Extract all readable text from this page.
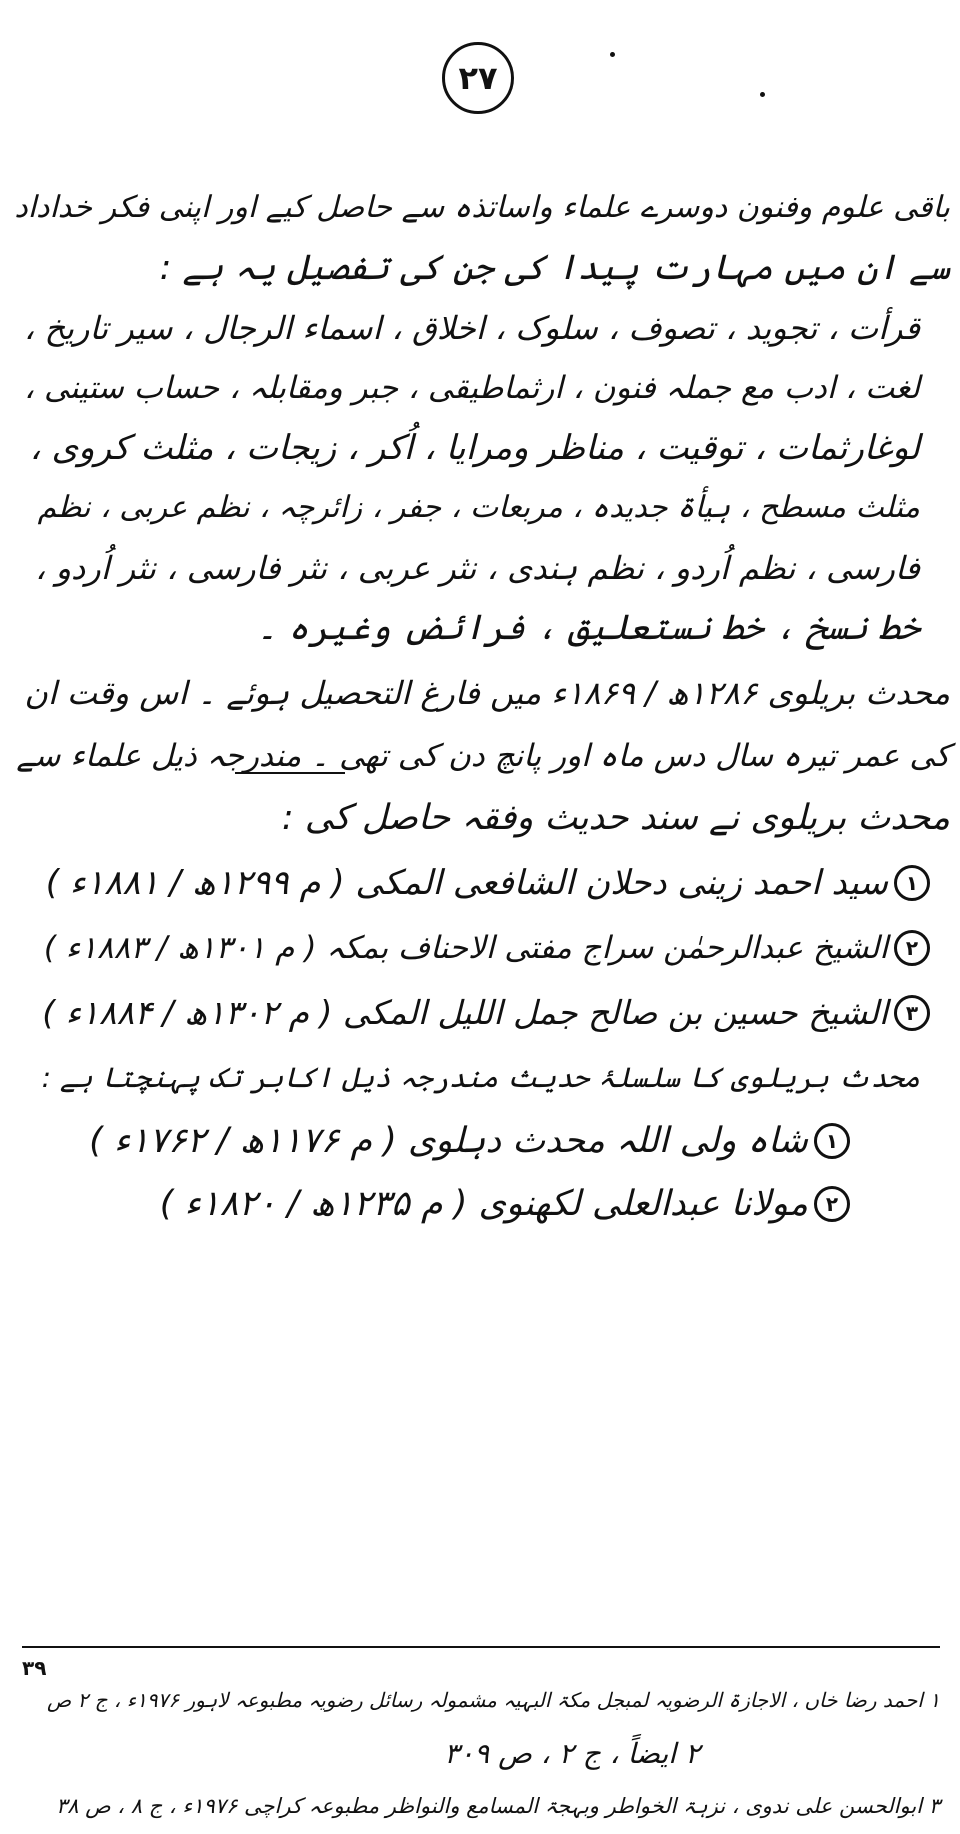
۲۷
باقی علوم وفنون دوسرے علماء واساتذہ سے حاصل کیے اور اپنی فکر خداداد
سے ان میں مہارت پیدا کی جن کی تفصیل یہ ہے :
قرأت ، تجوید ، تصوف ، سلوک ، اخلاق ، اسماء الرجال ، سیر تاریخ ،
لغت ، ادب مع جملہ فنون ، ارثماطیقی ، جبر ومقابلہ ، حساب ستینی ،
لوغارثمات ، توقیت ، مناظر ومرایا ، اُکر ، زیجات ، مثلث کروی ،
مثلث مسطح ، ہیأۃ جدیدہ ، مربعات ، جفر ، زائرچہ ، نظم عربی ، نظم
فارسی ، نظم اُردو ، نظم ہندی ، نثر عربی ، نثر فارسی ، نثر اُردو ،
خط نسخ ، خط نستعلیق ، فرائض وغیرہ ۔
محدث بریلوی ۱۲۸۶ھ / ۱۸۶۹ء میں فارغ التحصیل ہوئے ۔ اس وقت ان
کی عمر تیرہ سال دس ماہ اور پانچ دن کی تھی ۔ مندرجہ ذیل علماء سے
محدث بریلوی نے سند حدیث وفقہ حاصل کی :
۱
سید احمد زینی دحلان الشافعی المکی ( م ۱۲۹۹ھ / ۱۸۸۱ء )
۲
الشیخ عبدالرحمٰن سراج مفتی الاحناف بمکہ ( م ۱۳۰۱ھ / ۱۸۸۳ء )
۳
الشیخ حسین بن صالح جمل اللیل المکی ( م ۱۳۰۲ھ / ۱۸۸۴ء )
محدث بریلوی کا سلسلۂ حدیث مندرجہ ذیل اکابر تک پہنچتا ہے :
۱
شاہ ولی اللہ محدث دہلوی ( م ۱۱۷۶ھ / ۱۷۶۲ء )
۲
مولانا عبدالعلی لکھنوی ( م ۱۲۳۵ھ / ۱۸۲۰ء )
۳۹
۱ احمد رضا خاں ، الاجازۃ الرضویہ لمبجل مکۃ البہیہ مشمولہ رسائل رضویہ مطبوعہ لاہور ۱۹۷۶ء ، ج ۲ ص
۲ ایضاً ، ج ۲ ، ص ۳۰۹
۳ ابوالحسن علی ندوی ، نزہۃ الخواطر وبہجۃ المسامع والنواظر مطبوعہ کراچی ۱۹۷۶ء ، ج ۸ ، ص ۳۸
